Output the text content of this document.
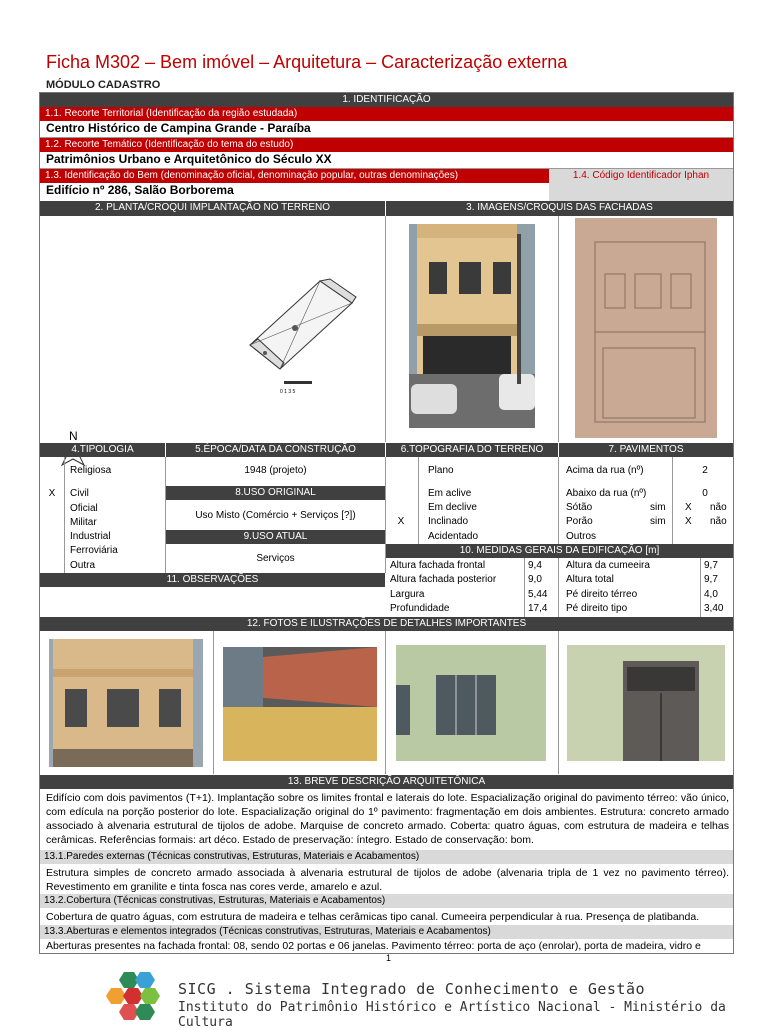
Ficha M302 – Bem imóvel – Arquitetura – Caracterização externa
MÓDULO CADASTRO
1. IDENTIFICAÇÃO
1.1. Recorte Territorial (Identificação da região estudada)
Centro Histórico de Campina Grande - Paraíba
1.2. Recorte Temático (Identificação do tema do estudo)
Patrimônios Urbano e Arquitetônico do Século XX
1.3. Identificação do Bem (denominação oficial, denominação popular, outras denominações)	1.4. Código Identificador Iphan
Edifício nº 286, Salão Borborema
2. PLANTA/CROQUI IMPLANTAÇÃO NO TERRENO	3. IMAGENS/CROQUIS DAS FACHADAS
0 1 3 5
N
4.TIPOLOGIA	5.ÉPOCA/DATA DA CONSTRUÇÃO	6.TOPOGRAFIA DO TERRENO	7. PAVIMENTOS
Religiosa
X	Civil
Oficial
Militar
Industrial
Ferroviária
Outra
1948 (projeto)
8.USO ORIGINAL
Uso Misto (Comércio + Serviços [?])
9.USO ATUAL
Serviços
Plano
Em aclive
Em declive
X	Inclinado
Acidentado
Acima da rua (nº)	2
Abaixo da rua (nº)	0
Sótão	sim X não
Porão	sim X não
Outros
10. MEDIDAS GERAIS DA EDIFICAÇÃO [m]
Altura fachada frontal	9,4 Altura da cumeeira	9,7
Altura fachada posterior	9,0 Altura total	9,7
Largura	5,44 Pé direito térreo	4,0
Profundidade	17,4 Pé direito tipo	3,40
11. OBSERVAÇÕES
12. FOTOS E ILUSTRAÇÕES DE DETALHES IMPORTANTES
13. BREVE DESCRIÇÃO ARQUITETÔNICA
Edifício com dois pavimentos (T+1). Implantação sobre os limites frontal e laterais do lote. Espacialização original do pavimento térreo: vão único, com edícula na porção posterior do lote. Espacialização original do 1º pavimento: fragmentação em dois ambientes. Estrutura: concreto armado associado à alvenaria estrutural de tijolos de adobe. Marquise de concreto armado. Coberta: quatro águas, com estrutura de madeira e telhas cerâmicas. Referências formais: art déco. Estado de preservação: íntegro. Estado de conservação: bom.
13.1.Paredes externas (Técnicas construtivas, Estruturas, Materiais e Acabamentos)
Estrutura simples de concreto armado associada à alvenaria estrutural de tijolos de adobe (alvenaria tripla de 1 vez no pavimento térreo). Revestimento em granilite e tinta fosca nas cores verde, amarelo e azul.
13.2.Cobertura (Técnicas construtivas, Estruturas, Materiais e Acabamentos)
Cobertura de quatro águas, com estrutura de madeira e telhas cerâmicas tipo canal. Cumeeira perpendicular à rua. Presença de platibanda.
13.3.Aberturas e elementos integrados (Técnicas construtivas, Estruturas, Materiais e Acabamentos)
Aberturas presentes na fachada frontal: 08, sendo 02 portas e 06 janelas. Pavimento térreo: porta de aço (enrolar), porta de madeira, vidro e
1
SICG . Sistema Integrado de Conhecimento e Gestão
Instituto do Patrimônio Histórico e Artístico Nacional - Ministério da Cultura
